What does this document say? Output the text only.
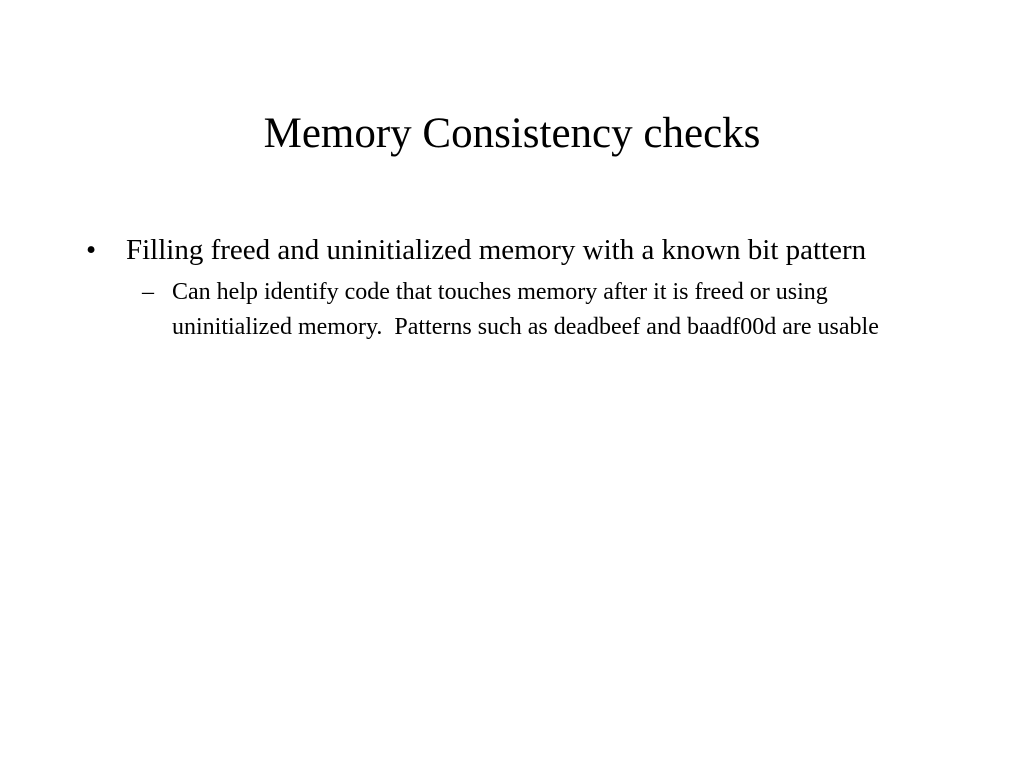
Memory Consistency checks
• Filling freed and uninitialized memory with a known bit pattern
– Can help identify code that touches memory after it is freed or using uninitialized memory.  Patterns such as deadbeef and baadf00d are usable
